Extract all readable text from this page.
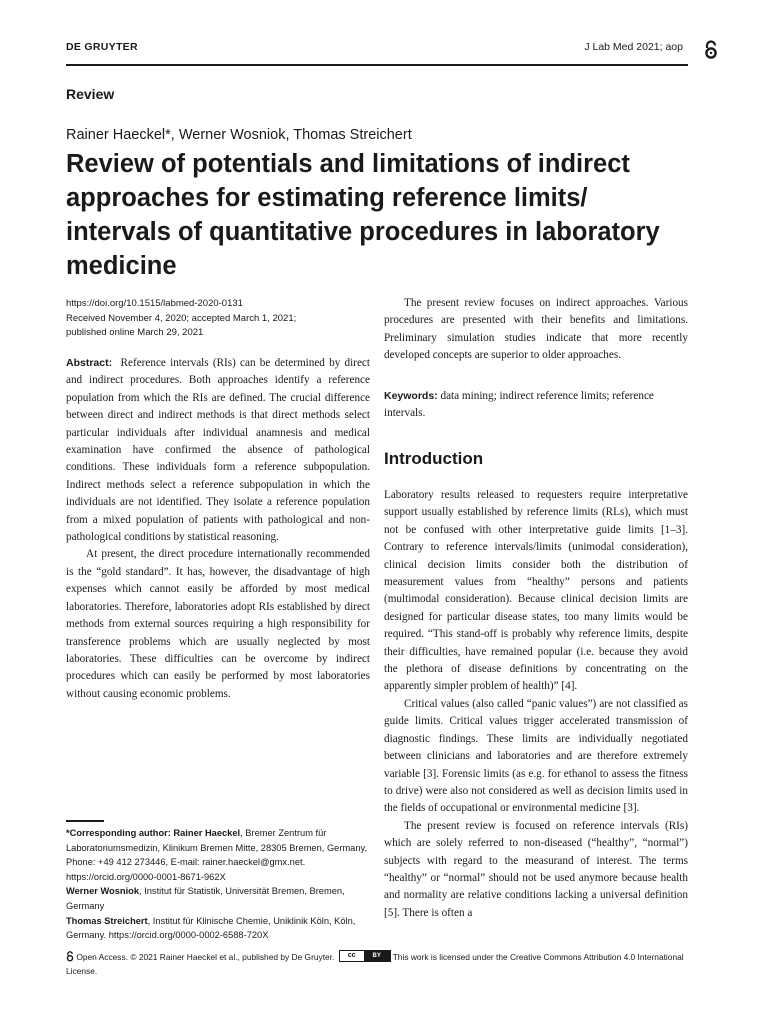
DE GRUYTER	J Lab Med 2021; aop
Review
Rainer Haeckel*, Werner Wosniok, Thomas Streichert
Review of potentials and limitations of indirect approaches for estimating reference limits/ intervals of quantitative procedures in laboratory medicine
https://doi.org/10.1515/labmed-2020-0131
Received November 4, 2020; accepted March 1, 2021;
published online March 29, 2021

Abstract: Reference intervals (RIs) can be determined by direct and indirect procedures. Both approaches identify a reference population from which the RIs are defined. The crucial difference between direct and indirect methods is that direct methods select particular individuals after individual anamnesis and medical examination have confirmed the absence of pathological conditions. These individuals form a reference subpopulation. Indirect methods select a reference subpopulation in which the individuals are not identified. They isolate a reference population from a mixed population of patients with pathological and non-pathological conditions by statistical reasoning.

At present, the direct procedure internationally recommended is the “gold standard”. It has, however, the disadvantage of high expenses which cannot easily be afforded by most medical laboratories. Therefore, laboratories adopt RIs established by direct methods from external sources requiring a high responsibility for transference problems which are usually neglected by most laboratories. These difficulties can be overcome by indirect procedures which can easily be performed by most laboratories without causing economic problems.

The present review focuses on indirect approaches. Various procedures are presented with their benefits and limitations. Preliminary simulation studies indicate that more recently developed concepts are superior to older approaches.

Keywords: data mining; indirect reference limits; reference intervals.
Introduction

Laboratory results released to requesters require interpretative support usually established by reference limits (RLs), which must not be confused with other interpretative guide limits [1–3]. Contrary to reference intervals/limits (unimodal consideration), clinical decision limits consider both the distribution of measurement values from “healthy” persons and patients (multimodal consideration). Because clinical decision limits are designed for particular disease states, too many limits would be required. “This stand-off is probably why reference limits, despite their difficulties, have remained popular (i.e. because they avoid the plethora of disease definitions by concentrating on the apparently simpler problem of health)” [4].

Critical values (also called “panic values”) are not classified as guide limits. Critical values trigger accelerated transmission of diagnostic findings. These limits are individually negotiated between clinicians and laboratories and are therefore extremely variable [3]. Forensic limits (as e.g. for ethanol to assess the fitness to drive) were also not considered as well as decision limits used in the fields of occupational or environmental medicine [3].

The present review is focused on reference intervals (RIs) which are solely referred to non-diseased (“healthy”, “normal”) subjects with regard to the measurand of interest. The terms “healthy” or “normal” should not be used anymore because health and normality are relative conditions lacking a universal definition [5]. There is often a

*Corresponding author: Rainer Haeckel, Bremer Zentrum für Laboratoriumsmedizin, Klinikum Bremen Mitte, 28305 Bremen, Germany, Phone: +49 412 273446, E-mail: rainer.haeckel@gmx.net. https://orcid.org/0000-0001-8671-962X

Werner Wosniok, Institut für Statistik, Universität Bremen, Bremen, Germany

Thomas Streichert, Institut für Klinische Chemie, Uniklinik Köln, Köln, Germany. https://orcid.org/0000-0002-6588-720X

Open Access. © 2021 Rainer Haeckel et al., published by De Gruyter.	cc	BY	This work is licensed under the Creative Commons Attribution 4.0 International License.
